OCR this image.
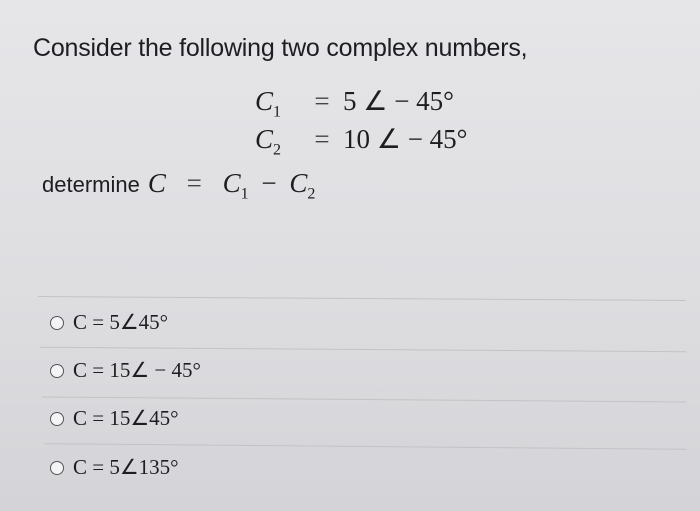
Consider the following two complex numbers,
$C_1$	= 5 ∠ − 45°
$C_2$	= 10 ∠ − 45°
determine $C = C_1 - C_2$
C = 5∠45°
C = 15∠ − 45°
C = 15∠45°
C = 5∠135°
